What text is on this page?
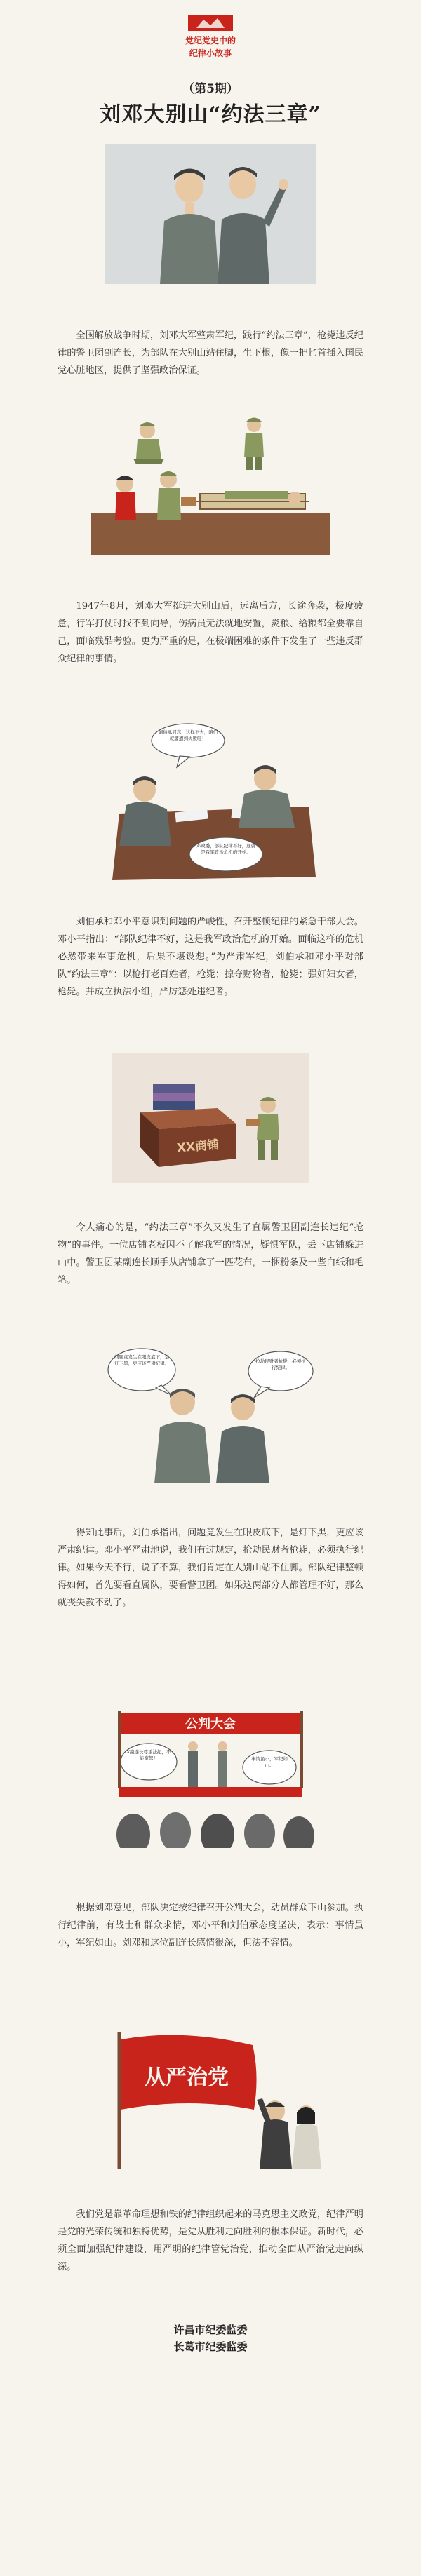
党纪党史中的
纪律小故事
（第5期）
刘邓大别山“约法三章”
全国解放战争时期，刘邓大军整肃军纪，践行“约法三章”，枪毙违反纪律的警卫团副连长，为部队在大别山站住脚，生下根，像一把匕首插入国民党心脏地区，提供了坚强政治保证。
1947年8月，刘邓大军挺进大别山后，远离后方，长途奔袭，极度疲惫，行军打仗时找不到向导，伤病员无法就地安置，炎粮、给粮都全要靠自己，面临残酷考验。更为严重的是，在极端困难的条件下发生了一些违反群众纪律的事情。
刘伯承同志，这样下去，咱们就要遭到失败哇！
邓政委，部队纪律不好，这就是我军政治危机的开始。
刘伯承和邓小平意识到问题的严峻性，召开整顿纪律的紧急干部大会。邓小平指出：“部队纪律不好，这是我军政治危机的开始。面临这样的危机必然带来军事危机，后果不堪设想。”为严肃军纪，刘伯承和邓小平对部队“约法三章”：以枪打老百姓者，枪毙；掠夺财物者，枪毙；强奸妇女者，枪毙。并成立执法小组，严厉惩处违纪者。
XX商铺
令人痛心的是，“约法三章”不久又发生了直属警卫团副连长违纪“抢物”的事件。一位店铺老板因不了解我军的情况，疑惧军队，丢下店铺躲进山中。警卫团某副连长顺手从店铺拿了一匹花布，一捆粉条及一些白纸和毛笔。
问题竟发生在眼皮底下，是灯下黑，更应该严肃纪律。	抢劫民财者枪毙，必须执行纪律。
得知此事后，刘伯承指出，问题竟发生在眼皮底下，是灯下黑，更应该严肃纪律。邓小平严肃地说，我们有过规定，抢劫民财者枪毙，必须执行纪律。如果今天不行，说了不算，我们肯定在大别山站不住脚。部队纪律整顿得如何，首先要看直属队，要看警卫团。如果这两部分人都管理不好，那么就丧失教不动了。
公判大会
X副连长尊重法纪，不能宽恕！	事情虽小，军纪如山。
根据刘邓意见，部队决定按纪律召开公判大会，动员群众下山参加。执行纪律前，有战士和群众求情，邓小平和刘伯承态度坚决，表示：事情虽小，军纪如山。刘邓和这位副连长感情很深，但法不容情。
从严治党
我们党是靠革命理想和铁的纪律组织起来的马克思主义政党，纪律严明是党的光荣传统和独特优势，是党从胜利走向胜利的根本保证。新时代，必须全面加强纪律建设，用严明的纪律管党治党，推动全面从严治党走向纵深。
许昌市纪委监委
长葛市纪委监委
